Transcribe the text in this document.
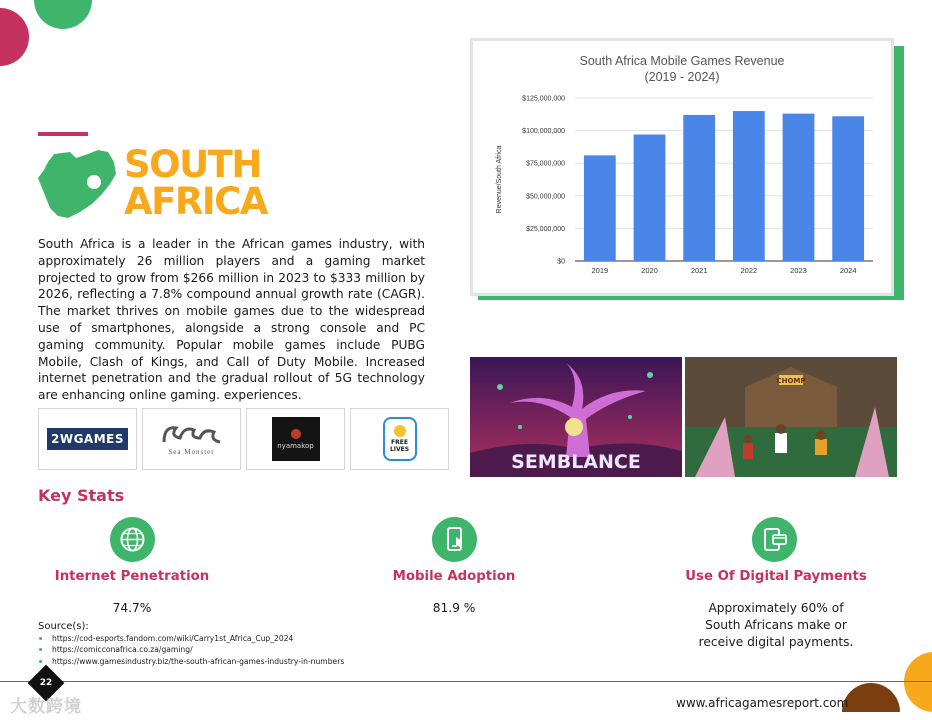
SOUTH
AFRICA

South Africa is a leader in the African games industry, with approximately 26 million players and a gaming market projected to grow from $266 million in 2023 to $333 million by 2026, reflecting a 7.8% compound annual growth rate (CAGR). The market thrives on mobile games due to the widespread use of smartphones, alongside a strong console and PC gaming community. Popular mobile games include PUBG Mobile, Clash of Kings, and Call of Duty Mobile. Increased internet penetration and the gradual rollout of 5G technology are enhancing online gaming. experiences.

2WGAMES
Sea Monster
nyamakop	FREE
LIVES
South Africa Mobile Games Revenue
(2019 - 2024)
Revenue/South Africa
$0
$25,000,000
$50,000,000
$75,000,000
$100,000,000
$125,000,000
2019	2020	2021	2022	2023	2024
SEMBLANCE
CHOMP
Key Stats
Internet Penetration	Mobile Adoption	Use Of Digital Payments
74.7%	81.9 %	Approximately 60% of South Africans make or receive digital payments.
Source(s):
https://cod-esports.fandom.com/wiki/Carry1st_Africa_Cup_2024
https://comicconafrica.co.za/gaming/
https://www.gamesindustry.biz/the-south-african-games-industry-in-numbers
22
大数跨境	www.africagamesreport.com
